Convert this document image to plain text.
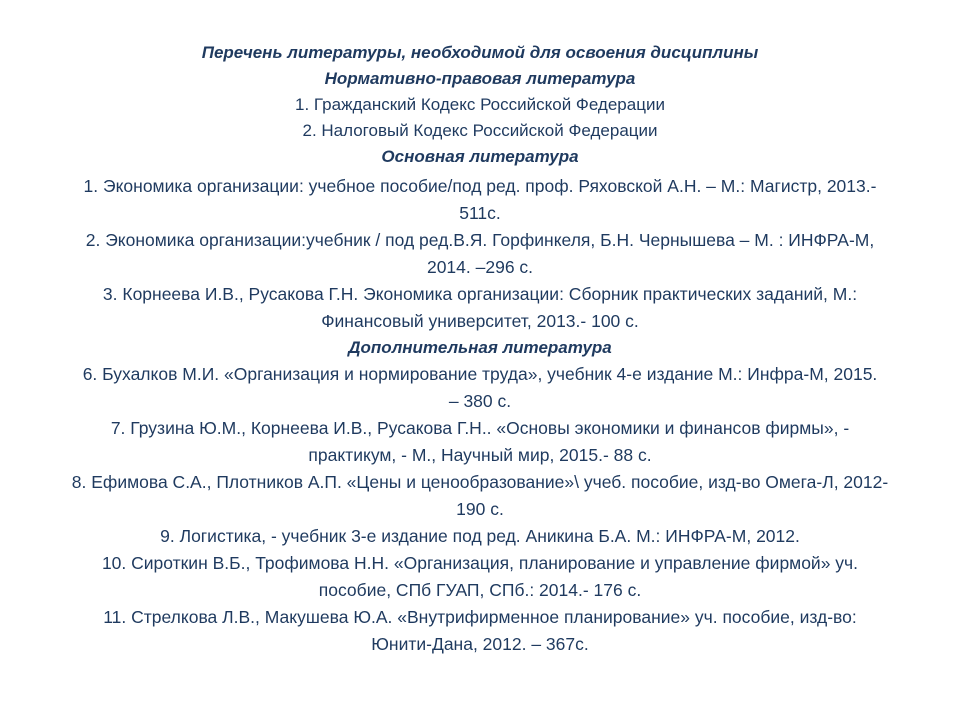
Перечень литературы, необходимой для освоения дисциплины

Нормативно-правовая литература

1. Гражданский Кодекс Российской Федерации

2. Налоговый Кодекс Российской Федерации

Основная литература

1. Экономика организации: учебное пособие/под ред. проф. Ряховской А.Н. – М.: Магистр, 2013.-
511с.

2. Экономика организации:учебник / под ред.В.Я. Горфинкеля, Б.Н. Чернышева – М. : ИНФРА-М,
2014. –296 с.

3. Корнеева И.В., Русакова Г.Н. Экономика организации: Сборник практических заданий, М.:
Финансовый университет, 2013.- 100 с.

Дополнительная литература

6. Бухалков М.И. «Организация и нормирование труда», учебник 4-е издание М.: Инфра-М, 2015.
– 380 с.

7. Грузина Ю.М., Корнеева И.В., Русакова Г.Н.. «Основы экономики и финансов фирмы», -
практикум, - М., Научный мир, 2015.- 88 с.

8. Ефимова С.А., Плотников А.П. «Цены и ценообразование»\ учеб. пособие, изд-во Омега-Л, 2012-
190 с.

9. Логистика, - учебник 3-е издание под ред. Аникина Б.А. М.: ИНФРА-М, 2012.

10. Сироткин В.Б., Трофимова Н.Н. «Организация, планирование и управление фирмой» уч.
пособие, СПб ГУАП, СПб.: 2014.- 176 с.

11. Стрелкова Л.В., Макушева Ю.А. «Внутрифирменное планирование» уч. пособие, изд-во:
Юнити-Дана, 2012. – 367с.
